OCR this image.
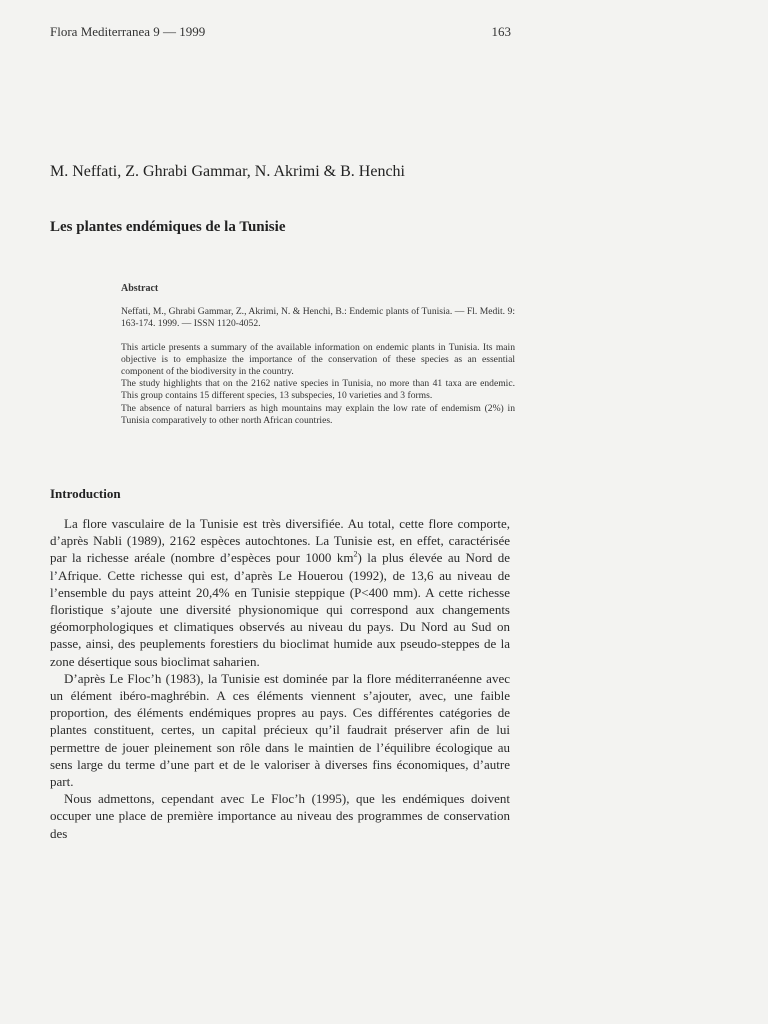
Flora Mediterranea 9 — 1999	163
M. Neffati, Z. Ghrabi Gammar, N. Akrimi & B. Henchi
Les plantes endémiques de la Tunisie
Abstract

Neffati, M., Ghrabi Gammar, Z., Akrimi, N. & Henchi, B.: Endemic plants of Tunisia. — Fl. Medit. 9: 163-174. 1999. — ISSN 1120-4052.

This article presents a summary of the available information on endemic plants in Tunisia. Its main objective is to emphasize the importance of the conservation of these species as an essential component of the biodiversity in the country.

The study highlights that on the 2162 native species in Tunisia, no more than 41 taxa are endemic. This group contains 15 different species, 13 subspecies, 10 varieties and 3 forms.

The absence of natural barriers as high mountains may explain the low rate of endemism (2%) in Tunisia comparatively to other north African countries.

Introduction

La flore vasculaire de la Tunisie est très diversifiée. Au total, cette flore comporte, d’après Nabli (1989), 2162 espèces autochtones. La Tunisie est, en effet, caractérisée par la richesse aréale (nombre d’espèces pour 1000 $km^2$) la plus élevée au Nord de l’Afrique. Cette richesse qui est, d’après Le Houerou (1992), de 13,6 au niveau de l’ensemble du pays atteint 20,4% en Tunisie steppique (P<400 mm). A cette richesse floristique s’ajoute une diversité physionomique qui correspond aux changements géomorphologiques et climatiques observés au niveau du pays. Du Nord au Sud on passe, ainsi, des peuplements forestiers du bioclimat humide aux pseudo-steppes de la zone désertique sous bioclimat saharien.

D’après Le Floc’h (1983), la Tunisie est dominée par la flore méditerranéenne avec un élément ibéro-maghrébin. A ces éléments viennent s’ajouter, avec, une faible proportion, des éléments endémiques propres au pays. Ces différentes catégories de plantes constituent, certes, un capital précieux qu’il faudrait préserver afin de lui permettre de jouer pleinement son rôle dans le maintien de l’équilibre écologique au sens large du terme d’une part et de le valoriser à diverses fins économiques, d’autre part.

Nous admettons, cependant avec Le Floc’h (1995), que les endémiques doivent occuper une place de première importance au niveau des programmes de conservation des
